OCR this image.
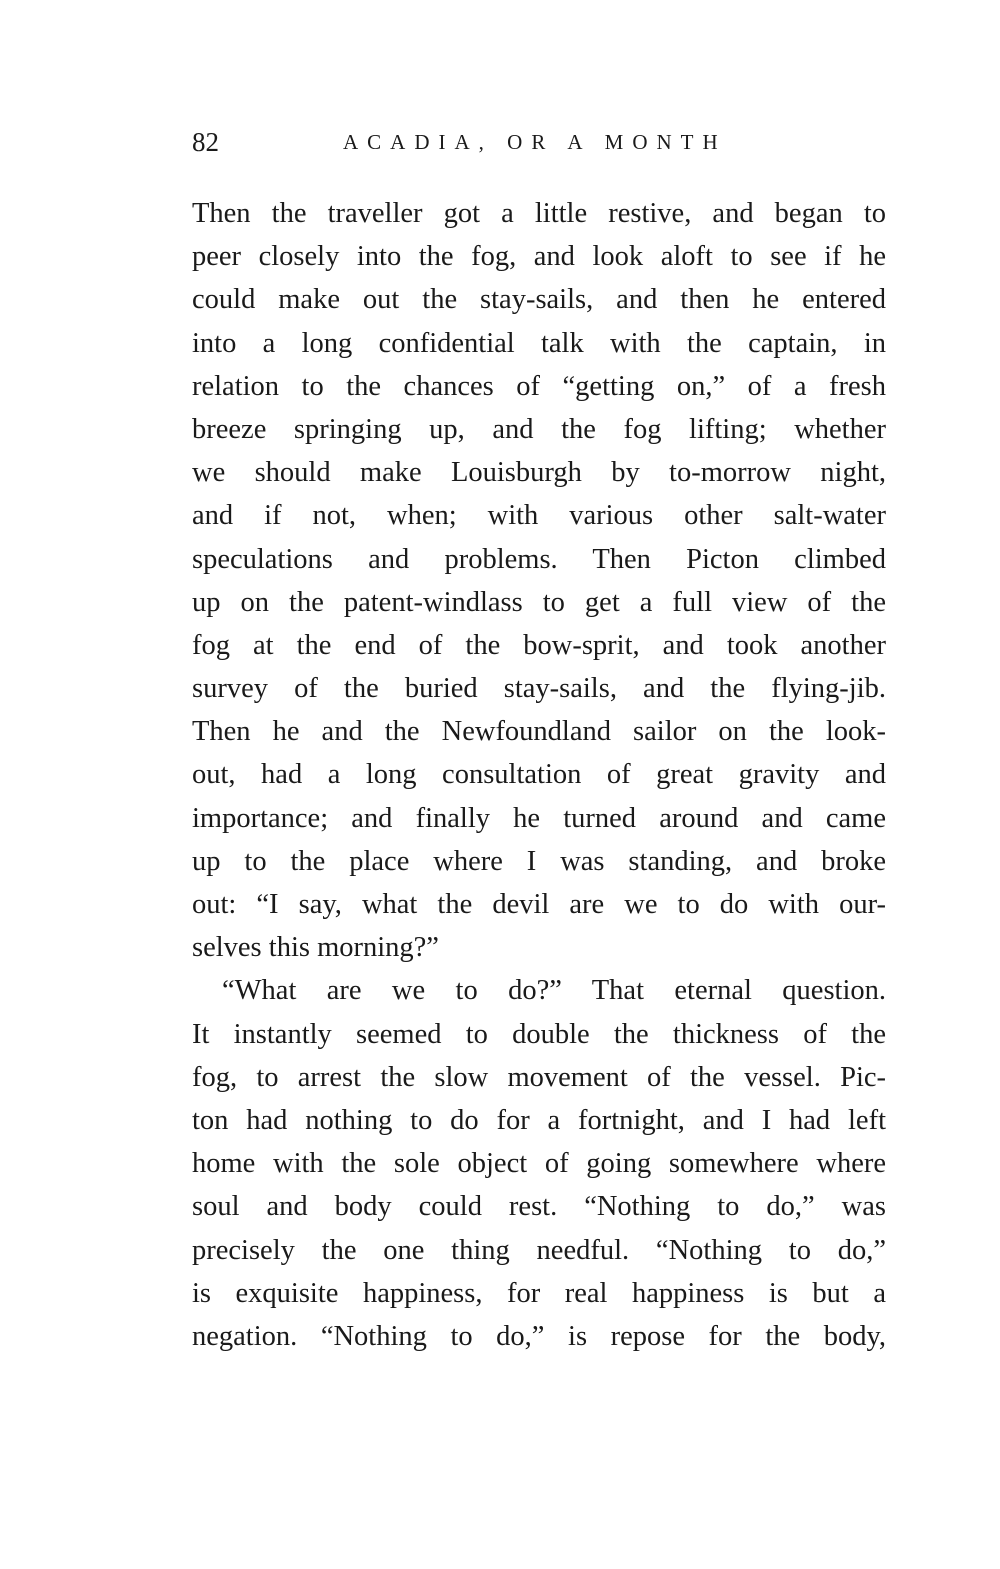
82	ACADIA, OR A MONTH
Then the traveller got a little restive, and began to
peer closely into the fog, and look aloft to see if he
could make out the stay-sails, and then he entered
into a long confidential talk with the captain, in
relation to the chances of “getting on,” of a fresh
breeze springing up, and the fog lifting; whether
we should make Louisburgh by to-morrow night,
and if not, when; with various other salt-water
speculations and problems. Then Picton climbed
up on the patent-windlass to get a full view of the
fog at the end of the bow-sprit, and took another
survey of the buried stay-sails, and the flying-jib.
Then he and the Newfoundland sailor on the look-
out, had a long consultation of great gravity and
importance; and finally he turned around and came
up to the place where I was standing, and broke
out: “I say, what the devil are we to do with our-
selves this morning?”
“What are we to do?” That eternal question.
It instantly seemed to double the thickness of the
fog, to arrest the slow movement of the vessel. Pic-
ton had nothing to do for a fortnight, and I had left
home with the sole object of going somewhere where
soul and body could rest. “Nothing to do,” was
precisely the one thing needful. “Nothing to do,”
is exquisite happiness, for real happiness is but a
negation. “Nothing to do,” is repose for the body,
